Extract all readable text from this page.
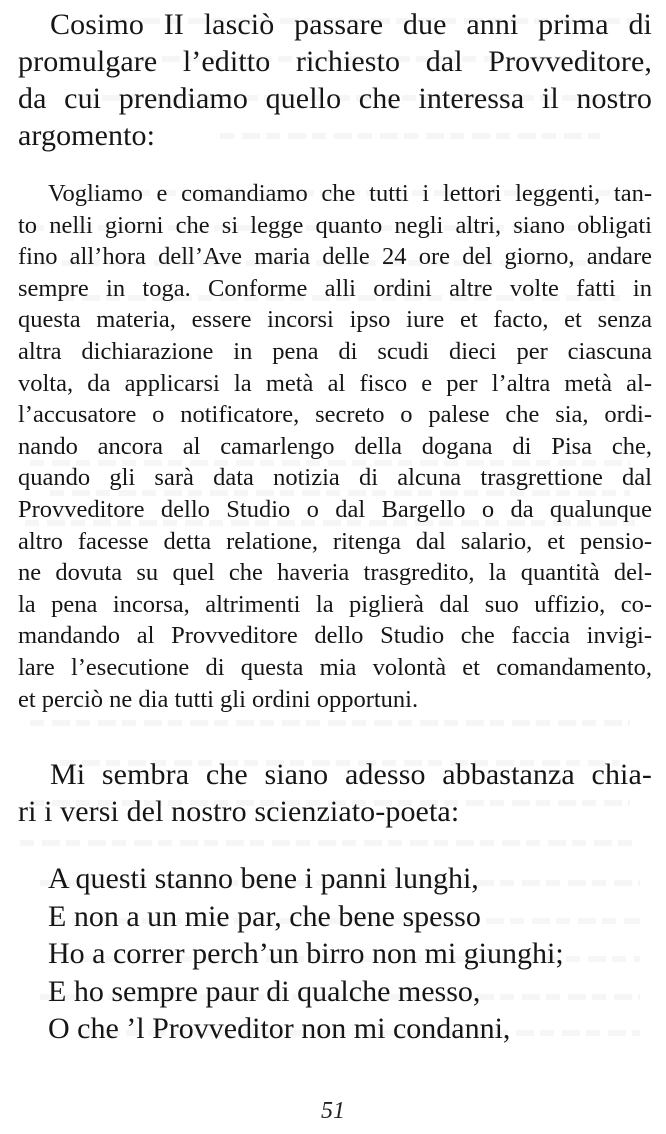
Cosimo II lasciò passare due anni prima di
promulgare l’editto richiesto dal Provveditore,
da cui prendiamo quello che interessa il nostro
argomento:
Vogliamo e comandiamo che tutti i lettori leggenti, tan-
to nelli giorni che si legge quanto negli altri, siano obligati
fino all’hora dell’Ave maria delle 24 ore del giorno, andare
sempre in toga. Conforme alli ordini altre volte fatti in
questa materia, essere incorsi ipso iure et facto, et senza
altra dichiarazione in pena di scudi dieci per ciascuna
volta, da applicarsi la metà al fisco e per l’altra metà al-
l’accusatore o notificatore, secreto o palese che sia, ordi-
nando ancora al camarlengo della dogana di Pisa che,
quando gli sarà data notizia di alcuna trasgrettione dal
Provveditore dello Studio o dal Bargello o da qualunque
altro facesse detta relatione, ritenga dal salario, et pensio-
ne dovuta su quel che haveria trasgredito, la quantità del-
la pena incorsa, altrimenti la piglierà dal suo uffizio, co-
mandando al Provveditore dello Studio che faccia invigi-
lare l’esecutione di questa mia volontà et comandamento,
et perciò ne dia tutti gli ordini opportuni.
Mi sembra che siano adesso abbastanza chia-
ri i versi del nostro scienziato-poeta:
A questi stanno bene i panni lunghi,
E non a un mie par, che bene spesso
Ho a correr perch’un birro non mi giunghi;
E ho sempre paur di qualche messo,
O che ’l Provveditor non mi condanni,
51
